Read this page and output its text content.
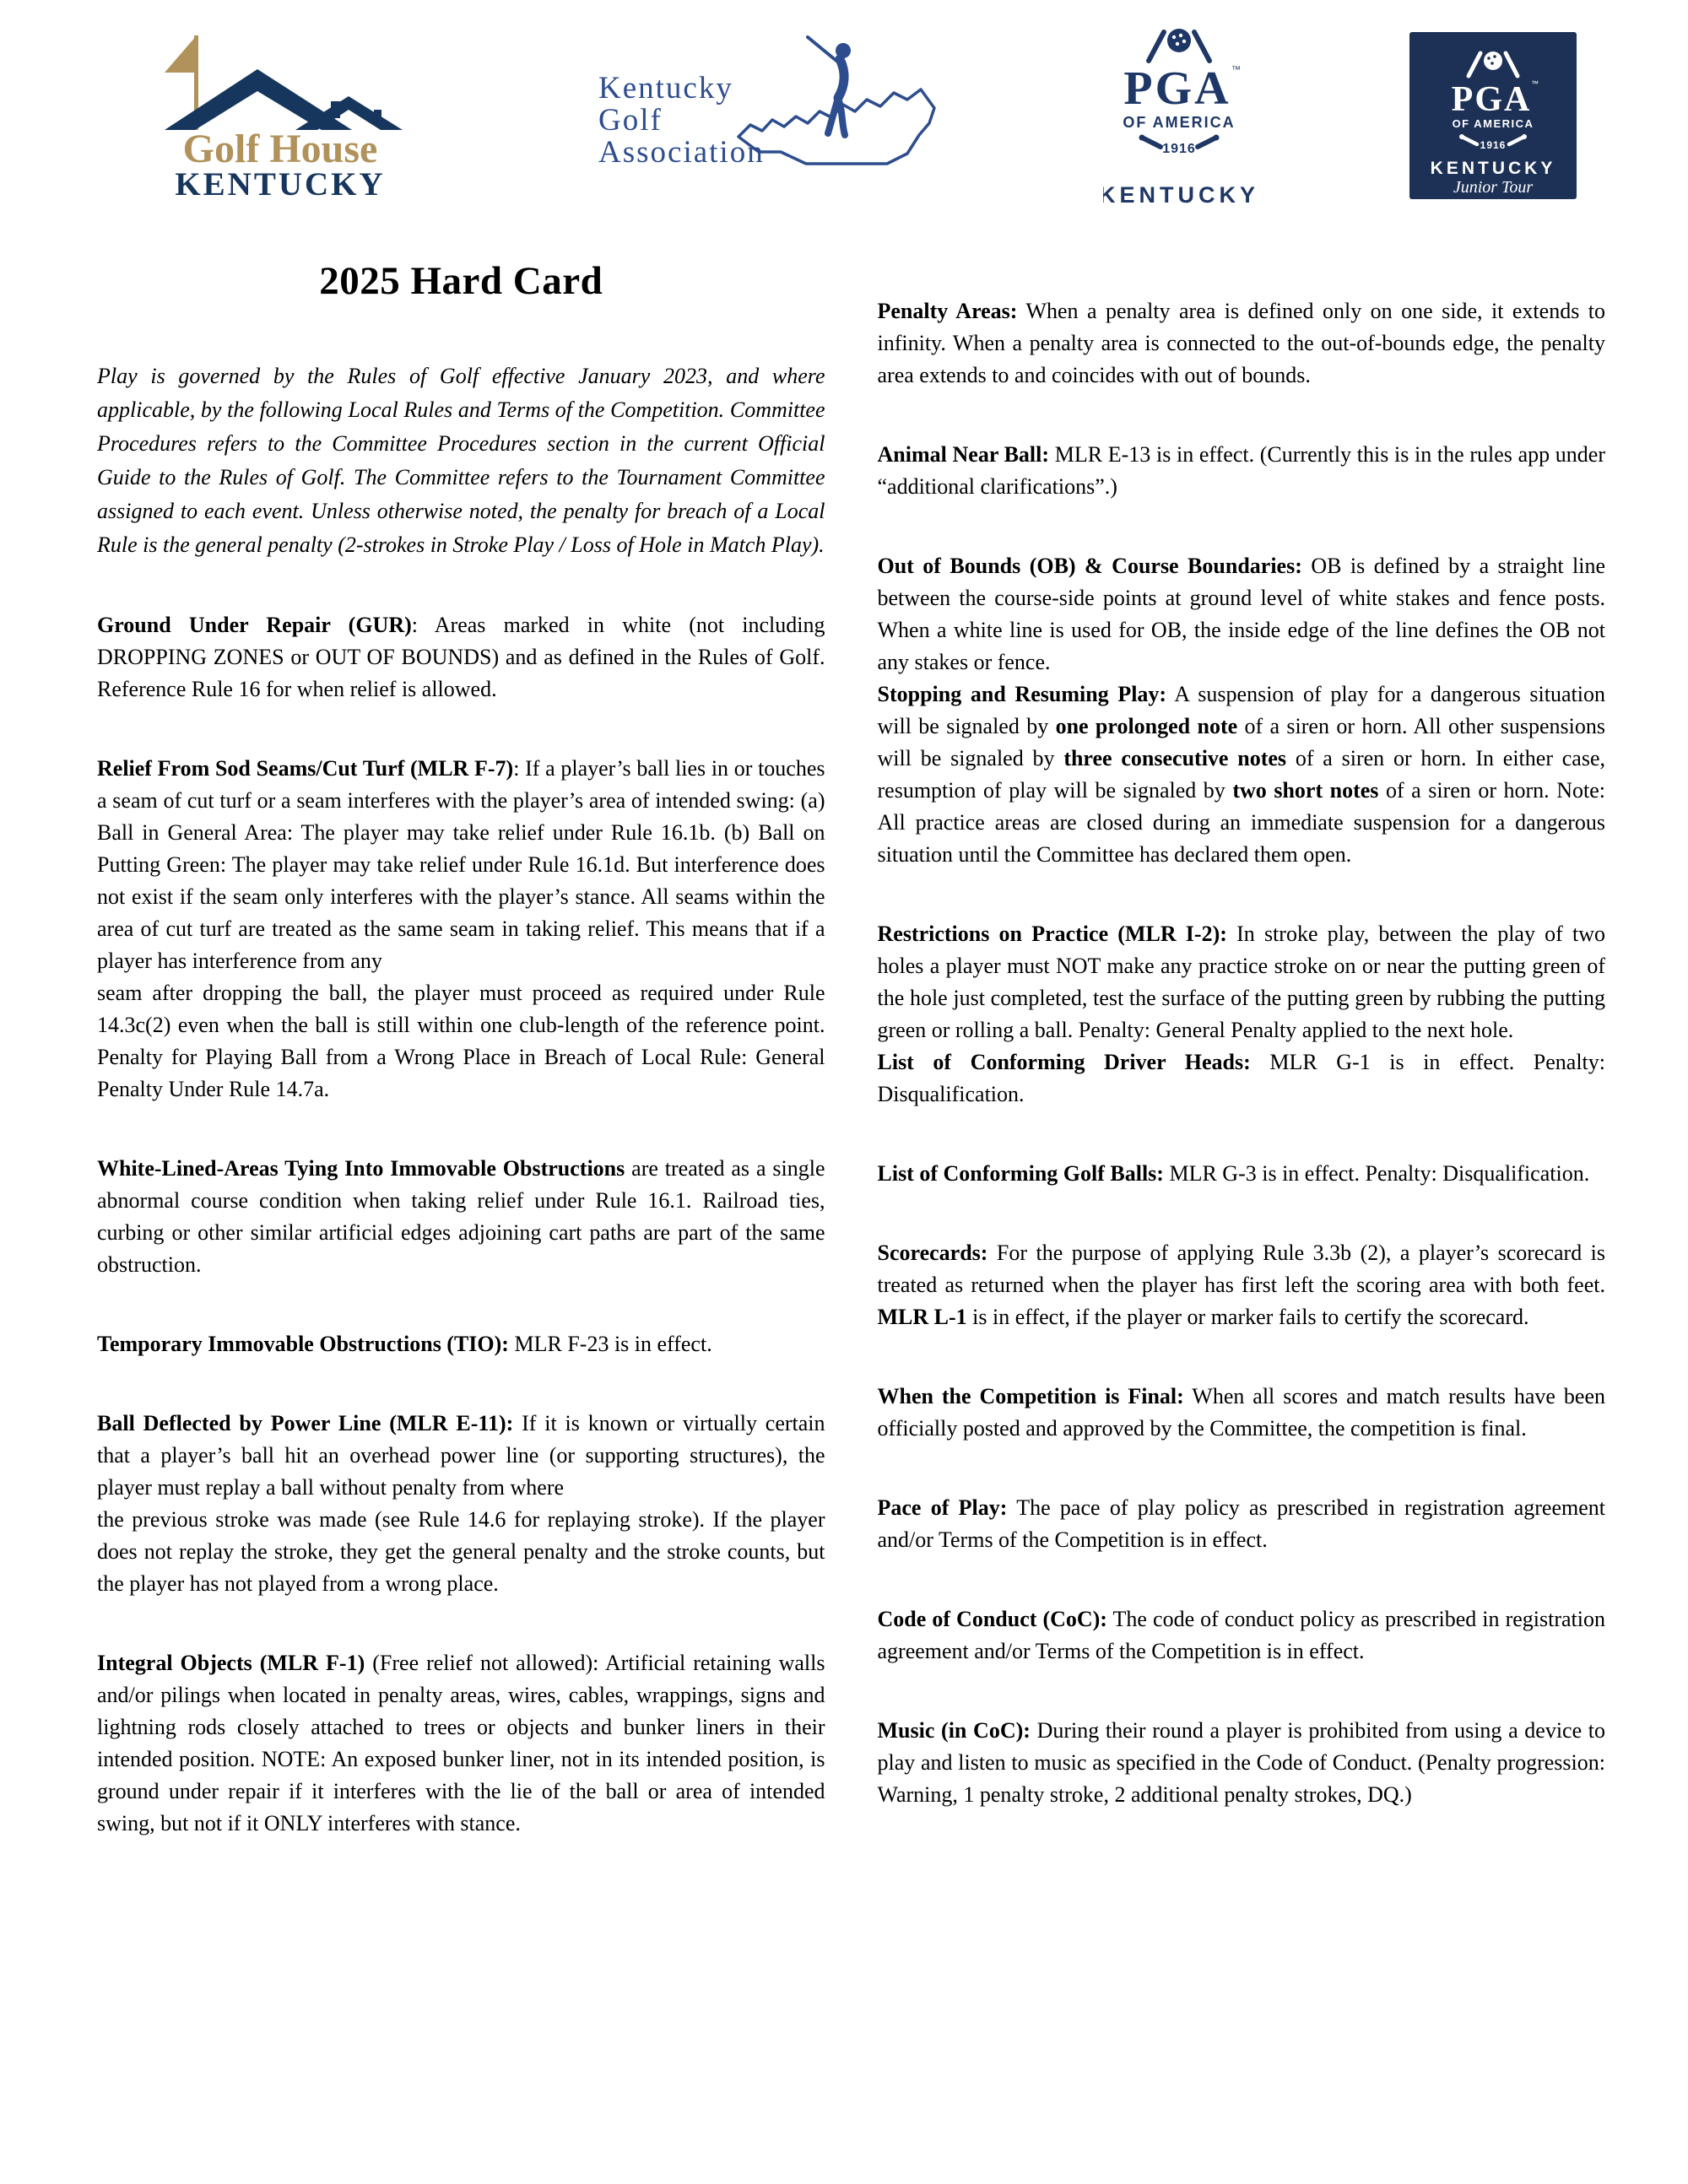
Golf House
KENTUCKY
Kentucky
Golf
Association
PGA ™
OF AMERICA
1916
KENTUCKY
PGA ™
OF AMERICA
1916
KENTUCKY
Junior Tour
2025 Hard Card
Play is governed by the Rules of Golf effective January 2023, and where applicable, by the following Local Rules and Terms of the Competition. Committee Procedures refers to the Committee Procedures section in the current Official Guide to the Rules of Golf. The Committee refers to the Tournament Committee assigned to each event. Unless otherwise noted, the penalty for breach of a Local Rule is the general penalty (2-strokes in Stroke Play / Loss of Hole in Match Play).
Ground Under Repair (GUR): Areas marked in white (not including DROPPING ZONES or OUT OF BOUNDS) and as defined in the Rules of Golf. Reference Rule 16 for when relief is allowed.
Relief From Sod Seams/Cut Turf (MLR F-7): If a player’s ball lies in or touches a seam of cut turf or a seam interferes with the player’s area of intended swing: (a) Ball in General Area: The player may take relief under Rule 16.1b. (b) Ball on Putting Green: The player may take relief under Rule 16.1d. But interference does not exist if the seam only interferes with the player’s stance. All seams within the area of cut turf are treated as the same seam in taking relief. This means that if a player has interference from any
seam after dropping the ball, the player must proceed as required under Rule 14.3c(2) even when the ball is still within one club-length of the reference point. Penalty for Playing Ball from a Wrong Place in Breach of Local Rule: General Penalty Under Rule 14.7a.
White-Lined-Areas Tying Into Immovable Obstructions are treated as a single abnormal course condition when taking relief under Rule 16.1. Railroad ties, curbing or other similar artificial edges adjoining cart paths are part of the same obstruction.
Temporary Immovable Obstructions (TIO): MLR F-23 is in effect.
Ball Deflected by Power Line (MLR E-11): If it is known or virtually certain that a player’s ball hit an overhead power line (or supporting structures), the player must replay a ball without penalty from where
the previous stroke was made (see Rule 14.6 for replaying stroke). If the player does not replay the stroke, they get the general penalty and the stroke counts, but the player has not played from a wrong place.
Integral Objects (MLR F-1) (Free relief not allowed): Artificial retaining walls and/or pilings when located in penalty areas, wires, cables, wrappings, signs and lightning rods closely attached to trees or objects and bunker liners in their intended position. NOTE: An exposed bunker liner, not in its intended position, is ground under repair if it interferes with the lie of the ball or area of intended swing, but not if it ONLY interferes with stance.
Penalty Areas: When a penalty area is defined only on one side, it extends to infinity. When a penalty area is connected to the out-of-bounds edge, the penalty area extends to and coincides with out of bounds.
Animal Near Ball: MLR E-13 is in effect. (Currently this is in the rules app under “additional clarifications”.)
Out of Bounds (OB) & Course Boundaries: OB is defined by a straight line between the course-side points at ground level of white stakes and fence posts. When a white line is used for OB, the inside edge of the line defines the OB not any stakes or fence.
Stopping and Resuming Play: A suspension of play for a dangerous situation will be signaled by one prolonged note of a siren or horn. All other suspensions will be signaled by three consecutive notes of a siren or horn. In either case, resumption of play will be signaled by two short notes of a siren or horn. Note: All practice areas are closed during an immediate suspension for a dangerous situation until the Committee has declared them open.
Restrictions on Practice (MLR I-2): In stroke play, between the play of two holes a player must NOT make any practice stroke on or near the putting green of the hole just completed, test the surface of the putting green by rubbing the putting green or rolling a ball. Penalty: General Penalty applied to the next hole.
List of Conforming Driver Heads: MLR G-1 is in effect. Penalty: Disqualification.
List of Conforming Golf Balls: MLR G-3 is in effect. Penalty: Disqualification.
Scorecards: For the purpose of applying Rule 3.3b (2), a player’s scorecard is treated as returned when the player has first left the scoring area with both feet. MLR L-1 is in effect, if the player or marker fails to certify the scorecard.
When the Competition is Final: When all scores and match results have been officially posted and approved by the Committee, the competition is final.
Pace of Play: The pace of play policy as prescribed in registration agreement and/or Terms of the Competition is in effect.
Code of Conduct (CoC): The code of conduct policy as prescribed in registration agreement and/or Terms of the Competition is in effect.
Music (in CoC): During their round a player is prohibited from using a device to play and listen to music as specified in the Code of Conduct. (Penalty progression: Warning, 1 penalty stroke, 2 additional penalty strokes, DQ.)
